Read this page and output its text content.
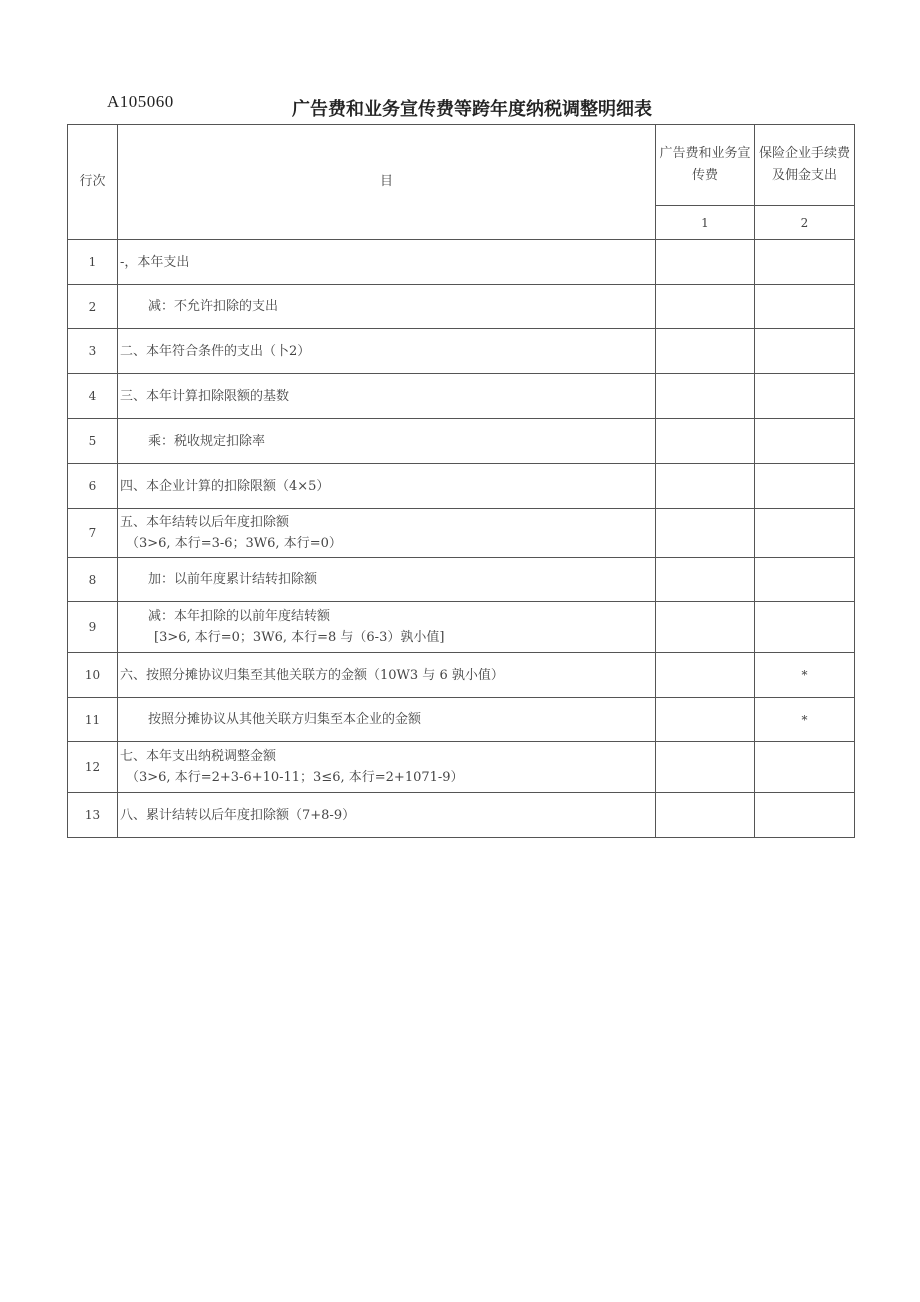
A105060	广告费和业务宣传费等跨年度纳税调整明细表
行次	目	广告费和业务宣传费	保险企业手续费及佣金支出
		1	2
1	-，本年支出		
2	减：不允许扣除的支出		
3	二、本年符合条件的支出（卜2）		
4	三、本年计算扣除限额的基数		
5	乘：税收规定扣除率		
6	四、本企业计算的扣除限额（4×5）		
7	五、本年结转以后年度扣除额
（3>6, 本行=3-6；3W6, 本行=0）		

8	加：以前年度累计结转扣除额		
9	减：本年扣除的以前年度结转额
[3>6, 本行=0；3W6, 本行=8 与（6-3）孰小值]		

10	六、按照分摊协议归集至其他关联方的金额（10W3 与 6 孰小值）		*
11	按照分摊协议从其他关联方归集至本企业的金额		*
12	七、本年支出纳税调整金额
（3>6, 本行=2+3-6+10-11；3≤6, 本行=2+1071-9）		

13	八、累计结转以后年度扣除额（7+8-9）		
